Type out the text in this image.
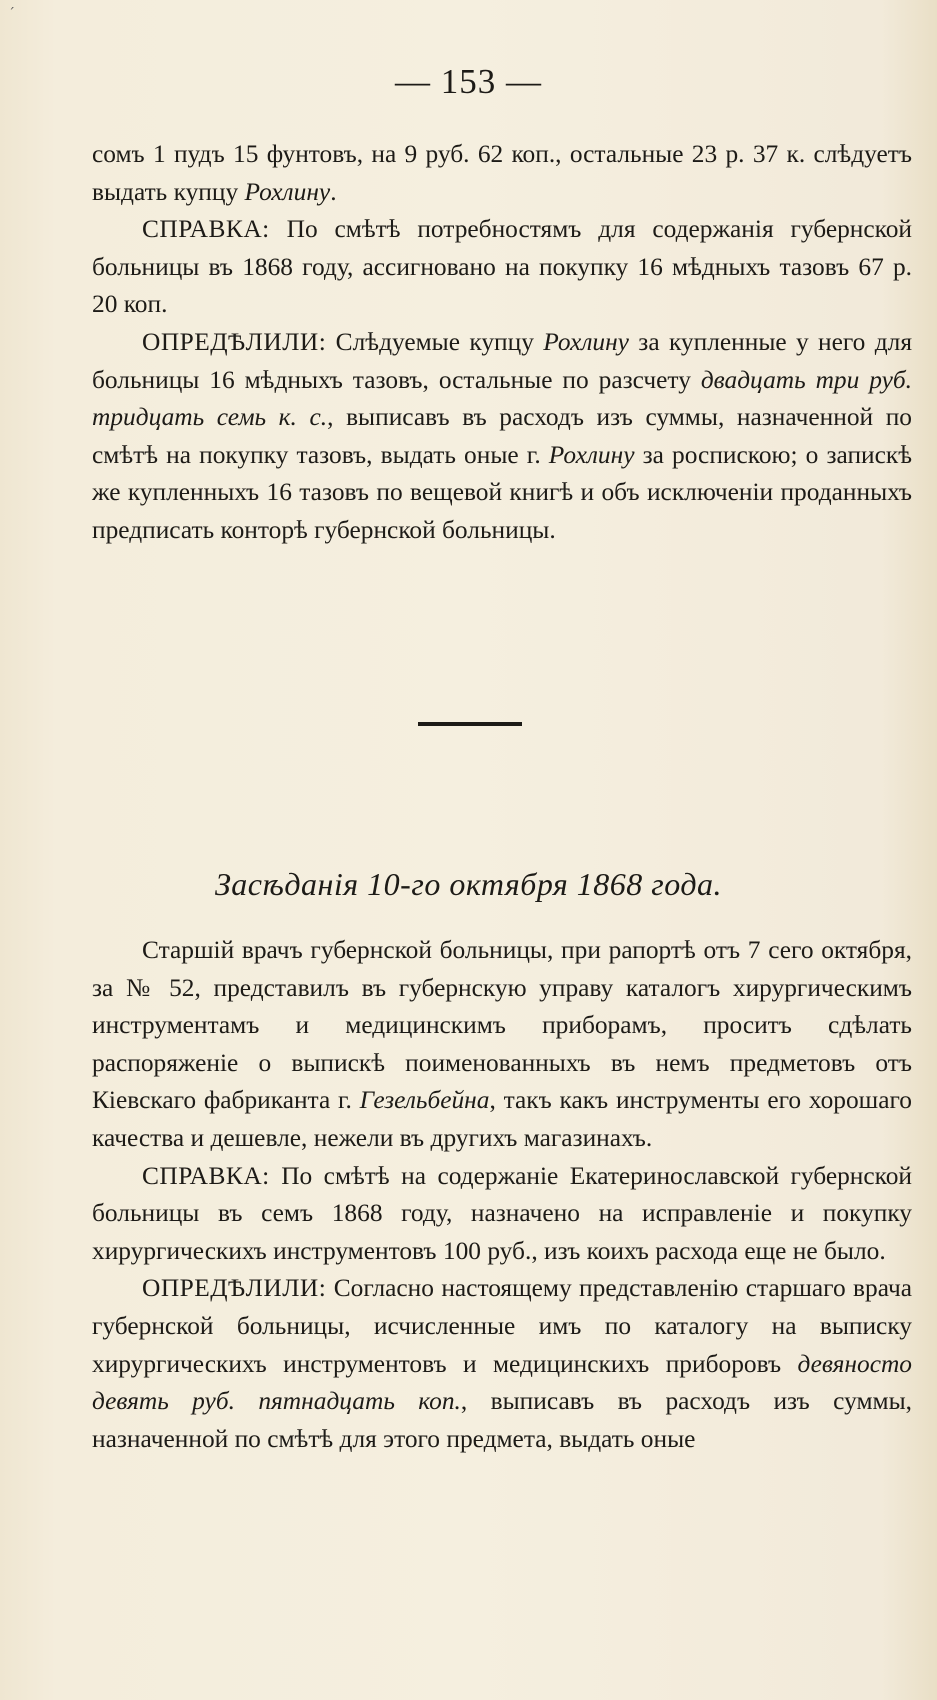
ˊ
— 153 —

сомъ 1 пудъ 15 фунтовъ, на 9 руб. 62 коп., остальные 23 р. 37 к. слѣдуетъ выдать купцу Рохлину.

СПРАВКА: По смѣтѣ потребностямъ для содержанія губернской больницы въ 1868 году, ассигновано на покупку 16 мѣдныхъ тазовъ 67 р. 20 коп.

ОПРЕДѢЛИЛИ: Слѣдуемые купцу Рохлину за купленные у него для больницы 16 мѣдныхъ тазовъ, остальные по разсчету двадцать три руб. тридцать семь к. с., выписавъ въ расходъ изъ суммы, назначенной по смѣтѣ на покупку тазовъ, выдать оные г. Рохлину за роспискою; о запискѣ же купленныхъ 16 тазовъ по вещевой книгѣ и объ исключеніи проданныхъ предписать конторѣ губернской больницы.

Засѣданія 10-го октября 1868 года.

Старшій врачъ губернской больницы, при рапортѣ отъ 7 сего октября, за № 52, представилъ въ губернскую управу каталогъ хирургическимъ инструментамъ и медицинскимъ приборамъ, проситъ сдѣлать распоряженіе о выпискѣ поименованныхъ въ немъ предметовъ отъ Кіевскаго фабриканта г. Гезельбейна, такъ какъ инструменты его хорошаго качества и дешевле, нежели въ другихъ магазинахъ.

СПРАВКА: По смѣтѣ на содержаніе Екатеринославской губернской больницы въ семъ 1868 году, назначено на исправленіе и покупку хирургическихъ инструментовъ 100 руб., изъ коихъ расхода еще не было.

ОПРЕДѢЛИЛИ: Согласно настоящему представленію старшаго врача губернской больницы, исчисленные имъ по каталогу на выписку хирургическихъ инструментовъ и медицинскихъ приборовъ девяносто девять руб. пятнадцать коп., выписавъ въ расходъ изъ суммы, назначенной по смѣтѣ для этого предмета, выдать оные
